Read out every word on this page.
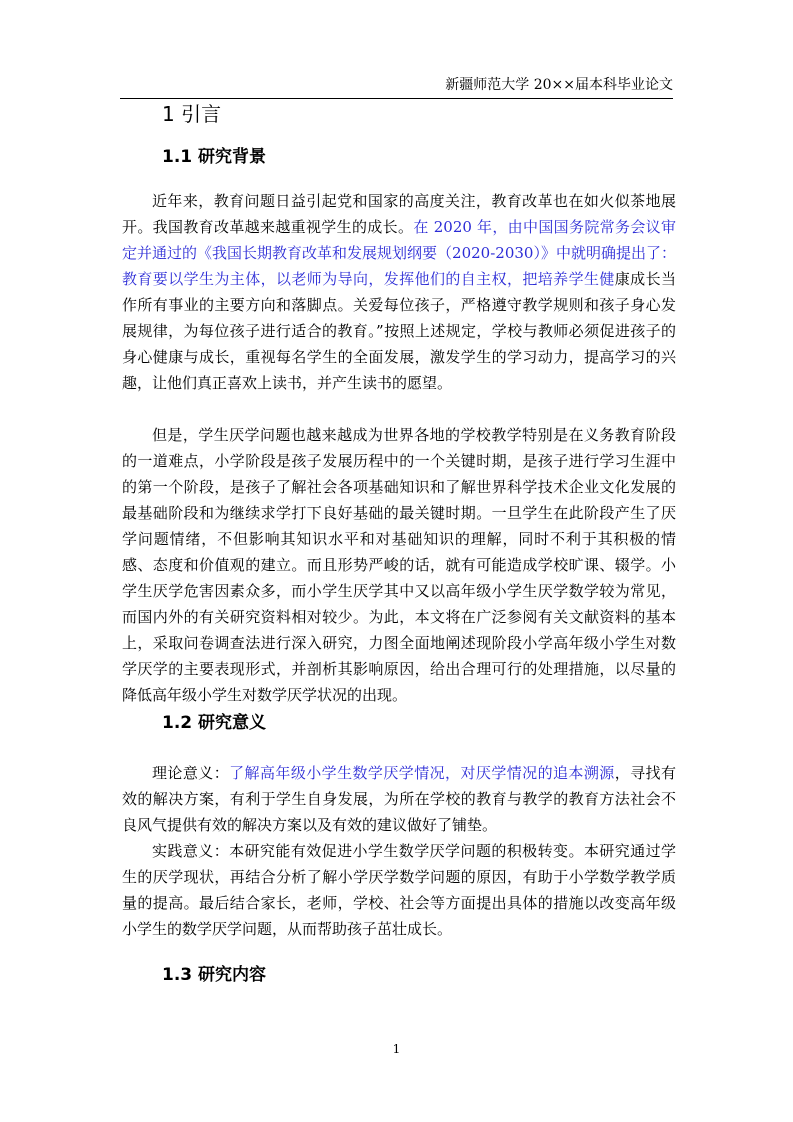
新疆师范大学 20××届本科毕业论文
1 引言
1.1 研究背景

近年来，教育问题日益引起党和国家的高度关注，教育改革也在如火似茶地展开。我国教育改革越来越重视学生的成长。在 2020 年，由中国国务院常务会议审定并通过的《我国长期教育改革和发展规划纲要（2020-2030）》中就明确提出了：教育要以学生为主体，以老师为导向，发挥他们的自主权，把培养学生健康成长当作所有事业的主要方向和落脚点。关爱每位孩子，严格遵守教学规则和孩子身心发展规律，为每位孩子进行适合的教育。”按照上述规定，学校与教师必须促进孩子的身心健康与成长，重视每名学生的全面发展，激发学生的学习动力，提高学习的兴趣，让他们真正喜欢上读书，并产生读书的愿望。

但是，学生厌学问题也越来越成为世界各地的学校教学特别是在义务教育阶段的一道难点，小学阶段是孩子发展历程中的一个关键时期，是孩子进行学习生涯中的第一个阶段，是孩子了解社会各项基础知识和了解世界科学技术企业文化发展的最基础阶段和为继续求学打下良好基础的最关键时期。一旦学生在此阶段产生了厌学问题情绪，不但影响其知识水平和对基础知识的理解，同时不利于其积极的情感、态度和价值观的建立。而且形势严峻的话，就有可能造成学校旷课、辍学。小学生厌学危害因素众多，而小学生厌学其中又以高年级小学生厌学数学较为常见，而国内外的有关研究资料相对较少。为此，本文将在广泛参阅有关文献资料的基本上，采取问卷调查法进行深入研究，力图全面地阐述现阶段小学高年级小学生对数学厌学的主要表现形式，并剖析其影响原因，给出合理可行的处理措施，以尽量的降低高年级小学生对数学厌学状况的出现。

1.2 研究意义

理论意义：了解高年级小学生数学厌学情况，对厌学情况的追本溯源，寻找有效的解决方案，有利于学生自身发展，为所在学校的教育与教学的教育方法社会不良风气提供有效的解决方案以及有效的建议做好了铺垫。

实践意义：本研究能有效促进小学生数学厌学问题的积极转变。本研究通过学生的厌学现状，再结合分析了解小学厌学数学问题的原因，有助于小学数学教学质量的提高。最后结合家长，老师，学校、社会等方面提出具体的措施以改变高年级小学生的数学厌学问题，从而帮助孩子茁壮成长。

1.3 研究内容
1
